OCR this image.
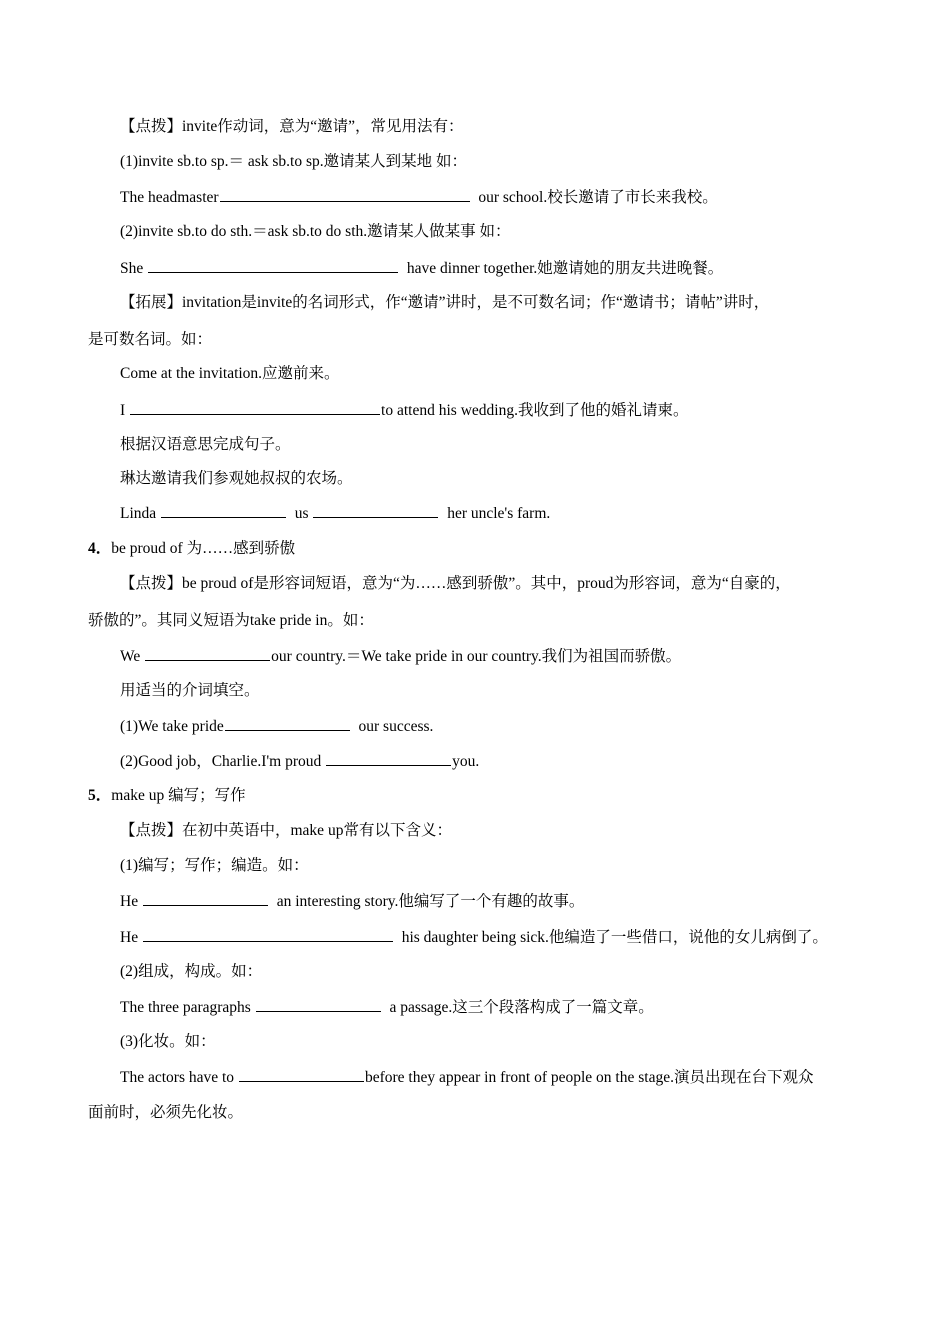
【点拨】invite作动词，意为“邀请”，常见用法有：
(1)invite sb.to sp.＝ ask sb.to sp.邀请某人到某地 如：
The headmaster	our school.校长邀请了市长来我校。
(2)invite sb.to do sth.＝ask sb.to do sth.邀请某人做某事 如：
She	have dinner together.她邀请她的朋友共进晚餐。
【拓展】invitation是invite的名词形式，作“邀请”讲时，是不可数名词；作“邀请书；请帖”讲时，
是可数名词。如：
Come at the invitation.应邀前来。
I	to attend his wedding.我收到了他的婚礼请柬。
根据汉语意思完成句子。
琳达邀请我们参观她叔叔的农场。
Linda	us	her uncle's farm.
4．be proud of 为……感到骄傲
【点拨】be proud of是形容词短语，意为“为……感到骄傲”。其中，proud为形容词，意为“自豪的，
骄傲的”。其同义短语为take pride in。如：
We	our country.＝We take pride in our country.我们为祖国而骄傲。
用适当的介词填空。
(1)We take pride	our success.
(2)Good job，Charlie.I'm proud	you.
5．make up 编写；写作
【点拨】在初中英语中，make up常有以下含义：
(1)编写；写作；编造。如：
He	an interesting story.他编写了一个有趣的故事。
He	his daughter being sick.他编造了一些借口，说他的女儿病倒了。
(2)组成，构成。如：
The three paragraphs	a passage.这三个段落构成了一篇文章。
(3)化妆。如：
The actors have to	before they appear in front of people on the stage.演员出现在台下观众
面前时，必须先化妆。
